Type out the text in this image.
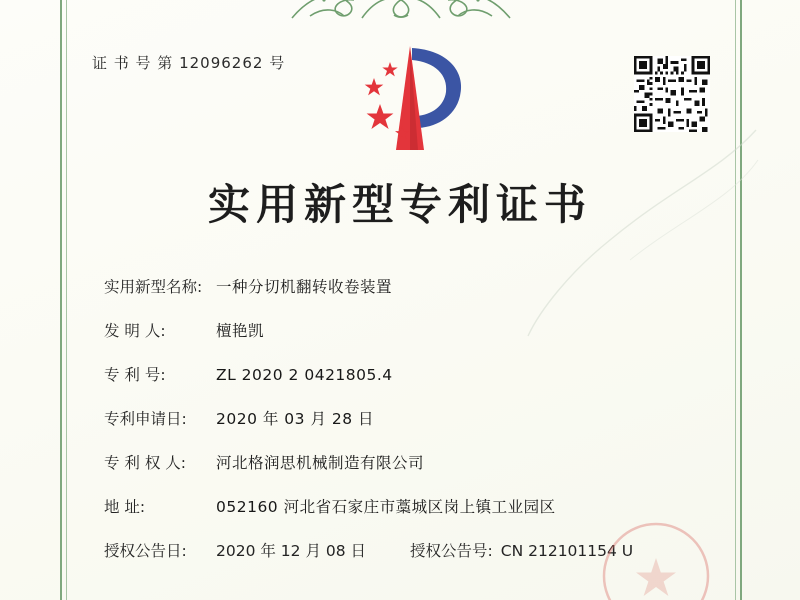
证 书 号 第 12096262 号
实用新型专利证书
实用新型名称: 一种分切机翻转收卷装置
发 明 人:	檀艳凯
专 利 号:	ZL 2020 2 0421805.4
专利申请日:	2020 年 03 月 28 日
专 利 权 人:	河北格润思机械制造有限公司
地 址:	052160 河北省石家庄市藁城区岗上镇工业园区
授权公告日:	2020 年 12 月 08 日	授权公告号: CN 212101154 U
